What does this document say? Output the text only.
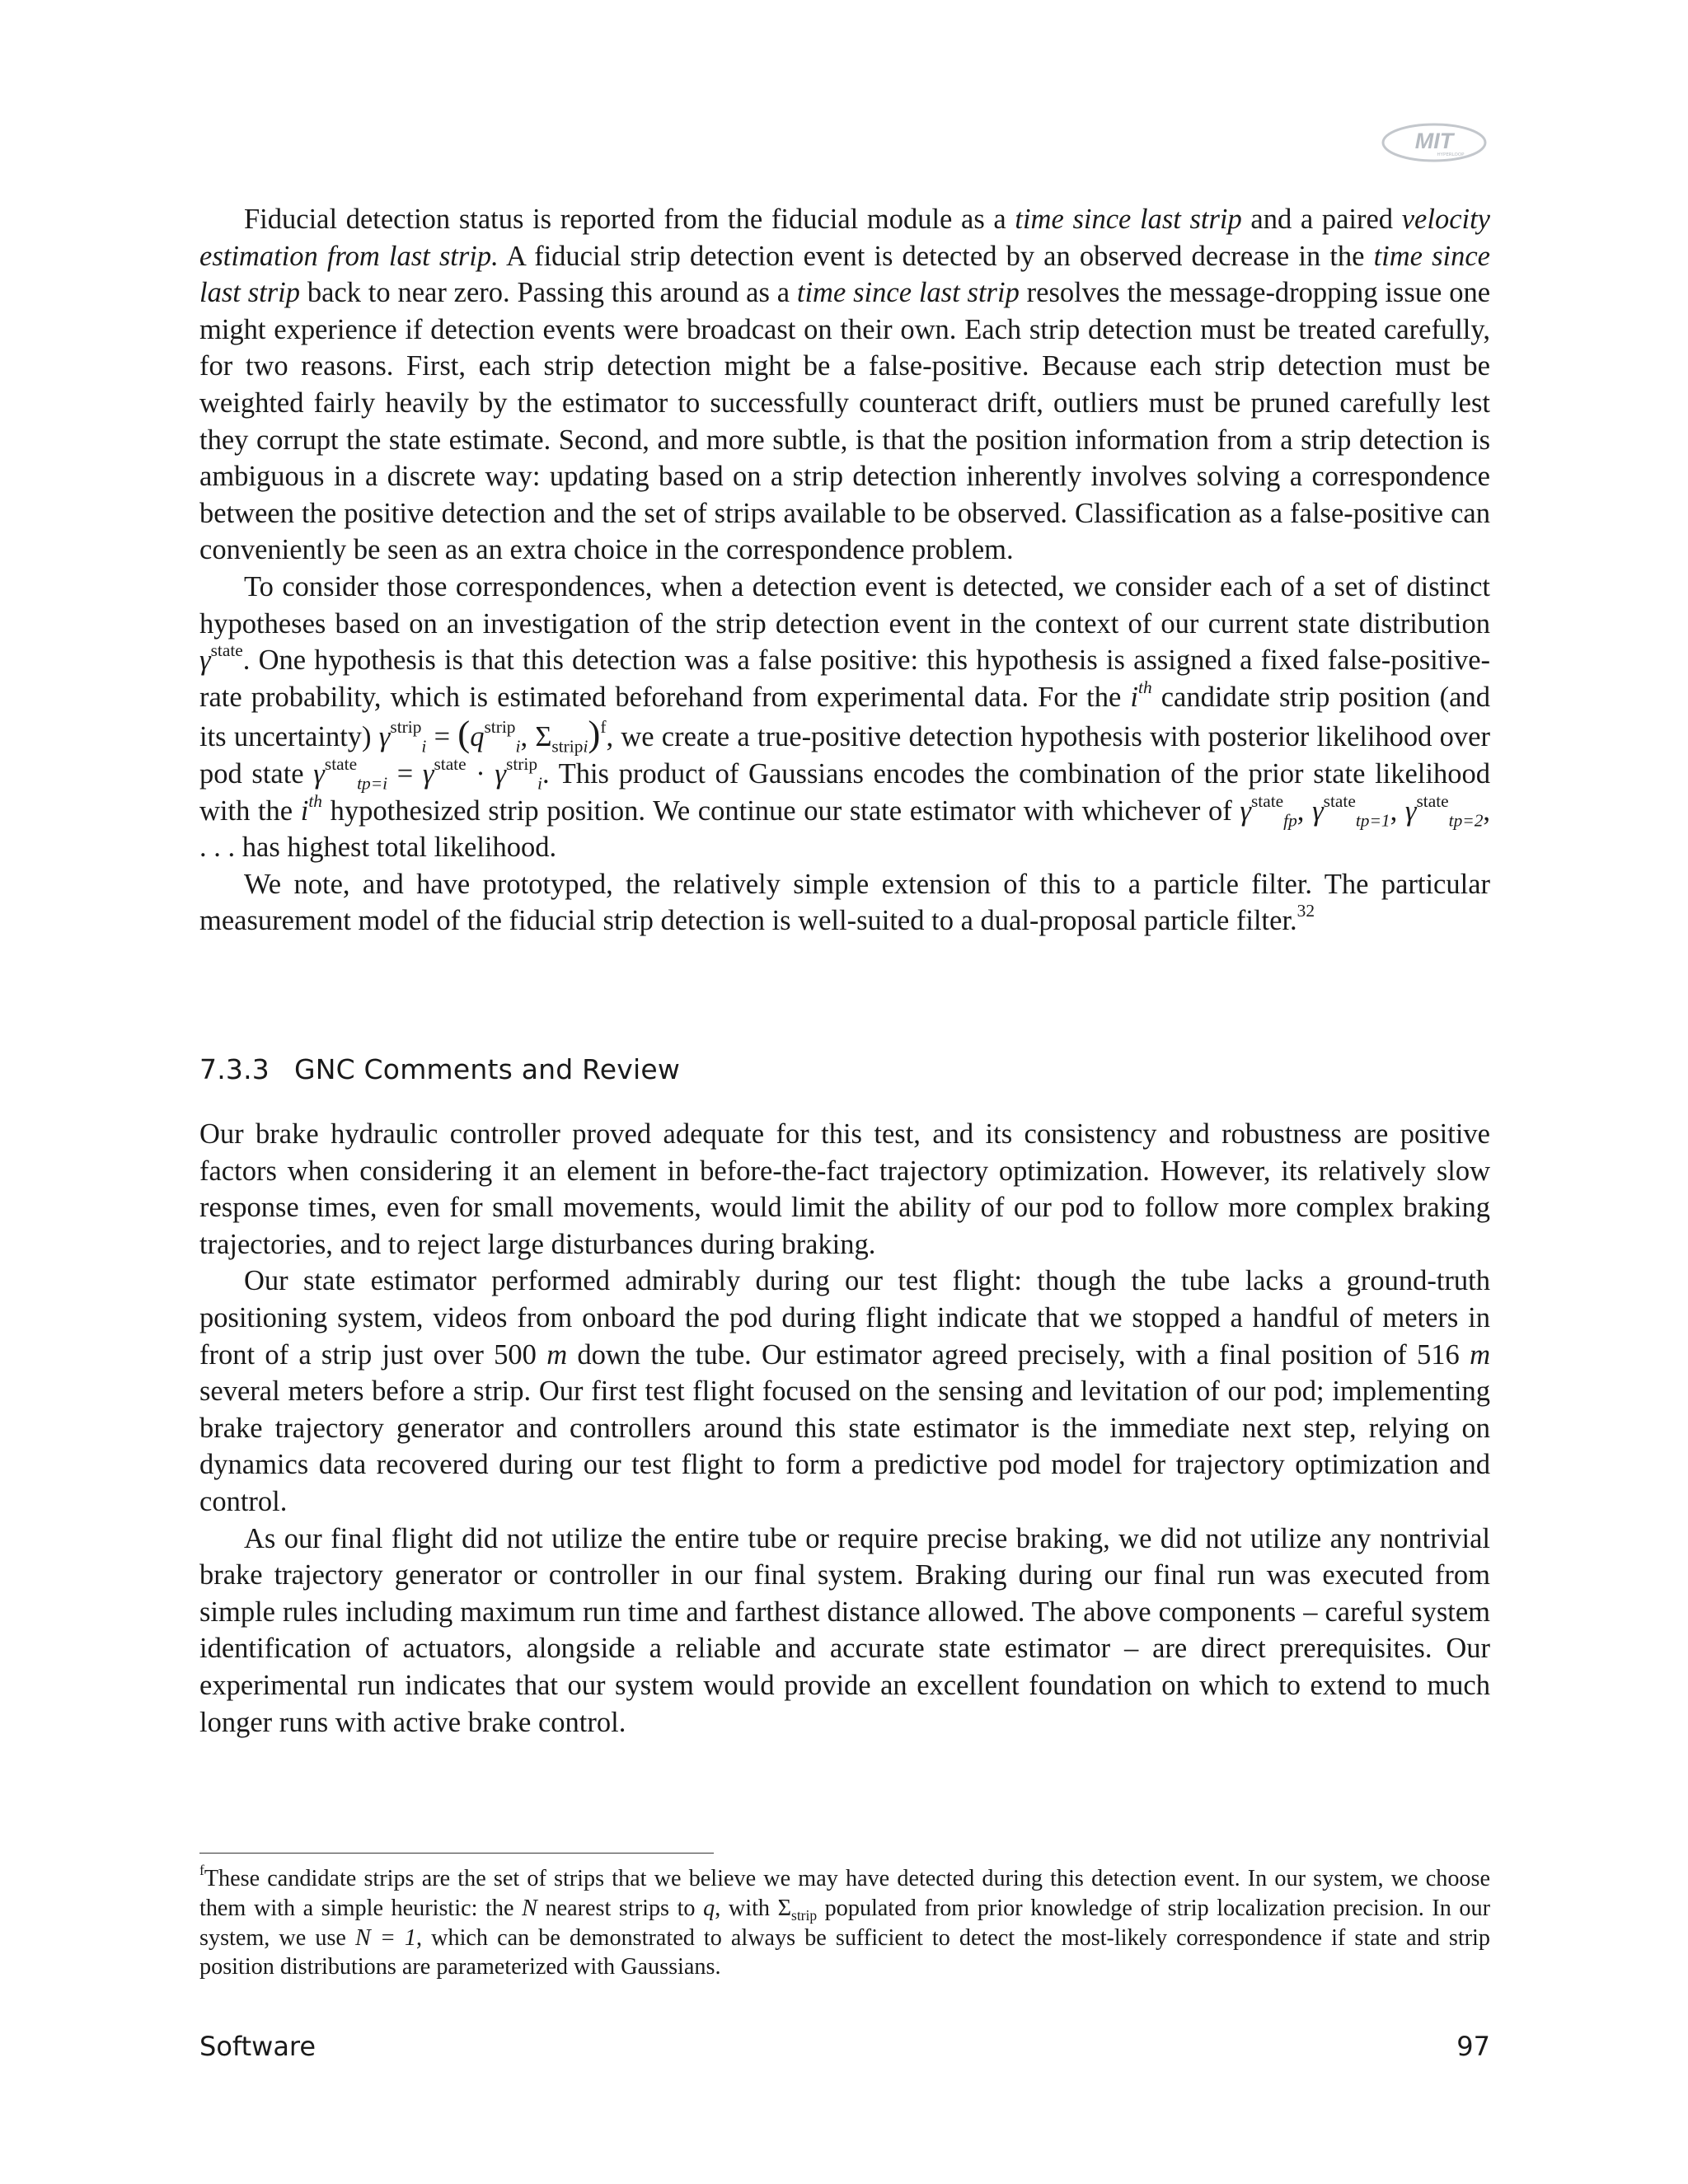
MIT
HYPERLOOP

Fiducial detection status is reported from the fiducial module as a time since last strip and a paired velocity estimation from last strip. A fiducial strip detection event is detected by an observed decrease in the time since last strip back to near zero. Passing this around as a time since last strip resolves the message-dropping issue one might experience if detection events were broadcast on their own. Each strip detection must be treated carefully, for two reasons. First, each strip detection might be a false-positive. Because each strip detection must be weighted fairly heavily by the estimator to successfully counteract drift, outliers must be pruned carefully lest they corrupt the state estimate. Second, and more subtle, is that the position information from a strip detection is ambiguous in a discrete way: updating based on a strip detection inherently involves solving a correspondence between the positive detection and the set of strips available to be observed. Classification as a false-positive can conveniently be seen as an extra choice in the correspondence problem.

To consider those correspondences, when a detection event is detected, we consider each of a set of distinct hypotheses based on an investigation of the strip detection event in the context of our current state distribution $\gamma^{state}$. One hypothesis is that this detection was a false positive: this hypothesis is assigned a fixed false-positive-rate probability, which is estimated beforehand from experimental data. For the $i^{th}$ candidate strip position (and its uncertainty) $\gamma^{strip}_i = (q^{strip}_i$, $\Sigma_{stripi})^f$, we create a true-positive detection hypothesis with posterior likelihood over pod state $\gamma^{state}_{tp=i} = \gamma^{state} \cdot \gamma^{strip}_i$. This product of Gaussians encodes the combination of the prior state likelihood with the $i^{th}$ hypothesized strip position. We continue our state estimator with whichever of $\gamma^{state}_{fp}$, $\gamma^{state}_{tp=1}$, $\gamma^{state}_{tp=2}$, . . . has highest total likelihood.

We note, and have prototyped, the relatively simple extension of this to a particle filter. The particular measurement model of the fiducial strip detection is well-suited to a dual-proposal particle filter.$^{32}$

7.3.3 GNC Comments and Review

Our brake hydraulic controller proved adequate for this test, and its consistency and robustness are positive factors when considering it an element in before-the-fact trajectory optimization. However, its relatively slow response times, even for small movements, would limit the ability of our pod to follow more complex braking trajectories, and to reject large disturbances during braking.

Our state estimator performed admirably during our test flight: though the tube lacks a ground-truth positioning system, videos from onboard the pod during flight indicate that we stopped a handful of meters in front of a strip just over 500 m down the tube. Our estimator agreed precisely, with a final position of 516 m several meters before a strip. Our first test flight focused on the sensing and levitation of our pod; implementing brake trajectory generator and controllers around this state estimator is the immediate next step, relying on dynamics data recovered during our test flight to form a predictive pod model for trajectory optimization and control.

As our final flight did not utilize the entire tube or require precise braking, we did not utilize any nontrivial brake trajectory generator or controller in our final system. Braking during our final run was executed from simple rules including maximum run time and farthest distance allowed. The above components – careful system identification of actuators, alongside a reliable and accurate state estimator – are direct prerequisites. Our experimental run indicates that our system would provide an excellent foundation on which to extend to much longer runs with active brake control.

$^f$These candidate strips are the set of strips that we believe we may have detected during this detection event. In our system, we choose them with a simple heuristic: the N nearest strips to q, with $\Sigma_{strip}$ populated from prior knowledge of strip localization precision. In our system, we use N = 1, which can be demonstrated to always be sufficient to detect the most-likely correspondence if state and strip position distributions are parameterized with Gaussians.

Software	97
